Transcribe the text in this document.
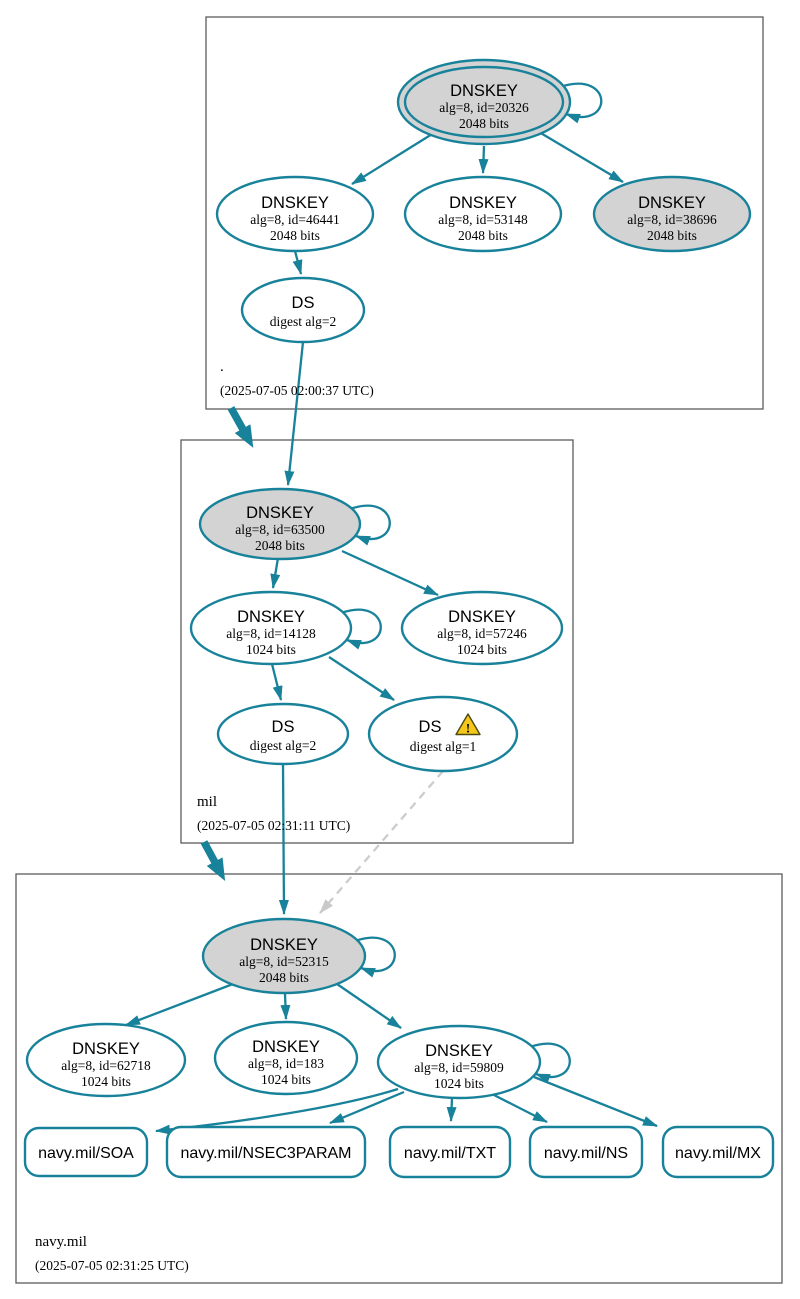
DNSKEY
alg=8, id=20326
2048 bits
DNSKEY
alg=8, id=46441
2048 bits
DNSKEY
alg=8, id=53148
2048 bits
DNSKEY
alg=8, id=38696
2048 bits
DS
digest alg=2
.
(2025-07-05 02:00:37 UTC)
DNSKEY
alg=8, id=63500
2048 bits
DNSKEY
alg=8, id=14128
1024 bits
DNSKEY
alg=8, id=57246
1024 bits
DS
digest alg=2
DS !
digest alg=1
mil
(2025-07-05 02:31:11 UTC)
DNSKEY
alg=8, id=52315
2048 bits
DNSKEY
alg=8, id=62718
1024 bits
DNSKEY
alg=8, id=183
1024 bits
DNSKEY
alg=8, id=59809
1024 bits
navy.mil/SOA	navy.mil/NSEC3PARAM	navy.mil/TXT	navy.mil/NS	navy.mil/MX
navy.mil
(2025-07-05 02:31:25 UTC)
